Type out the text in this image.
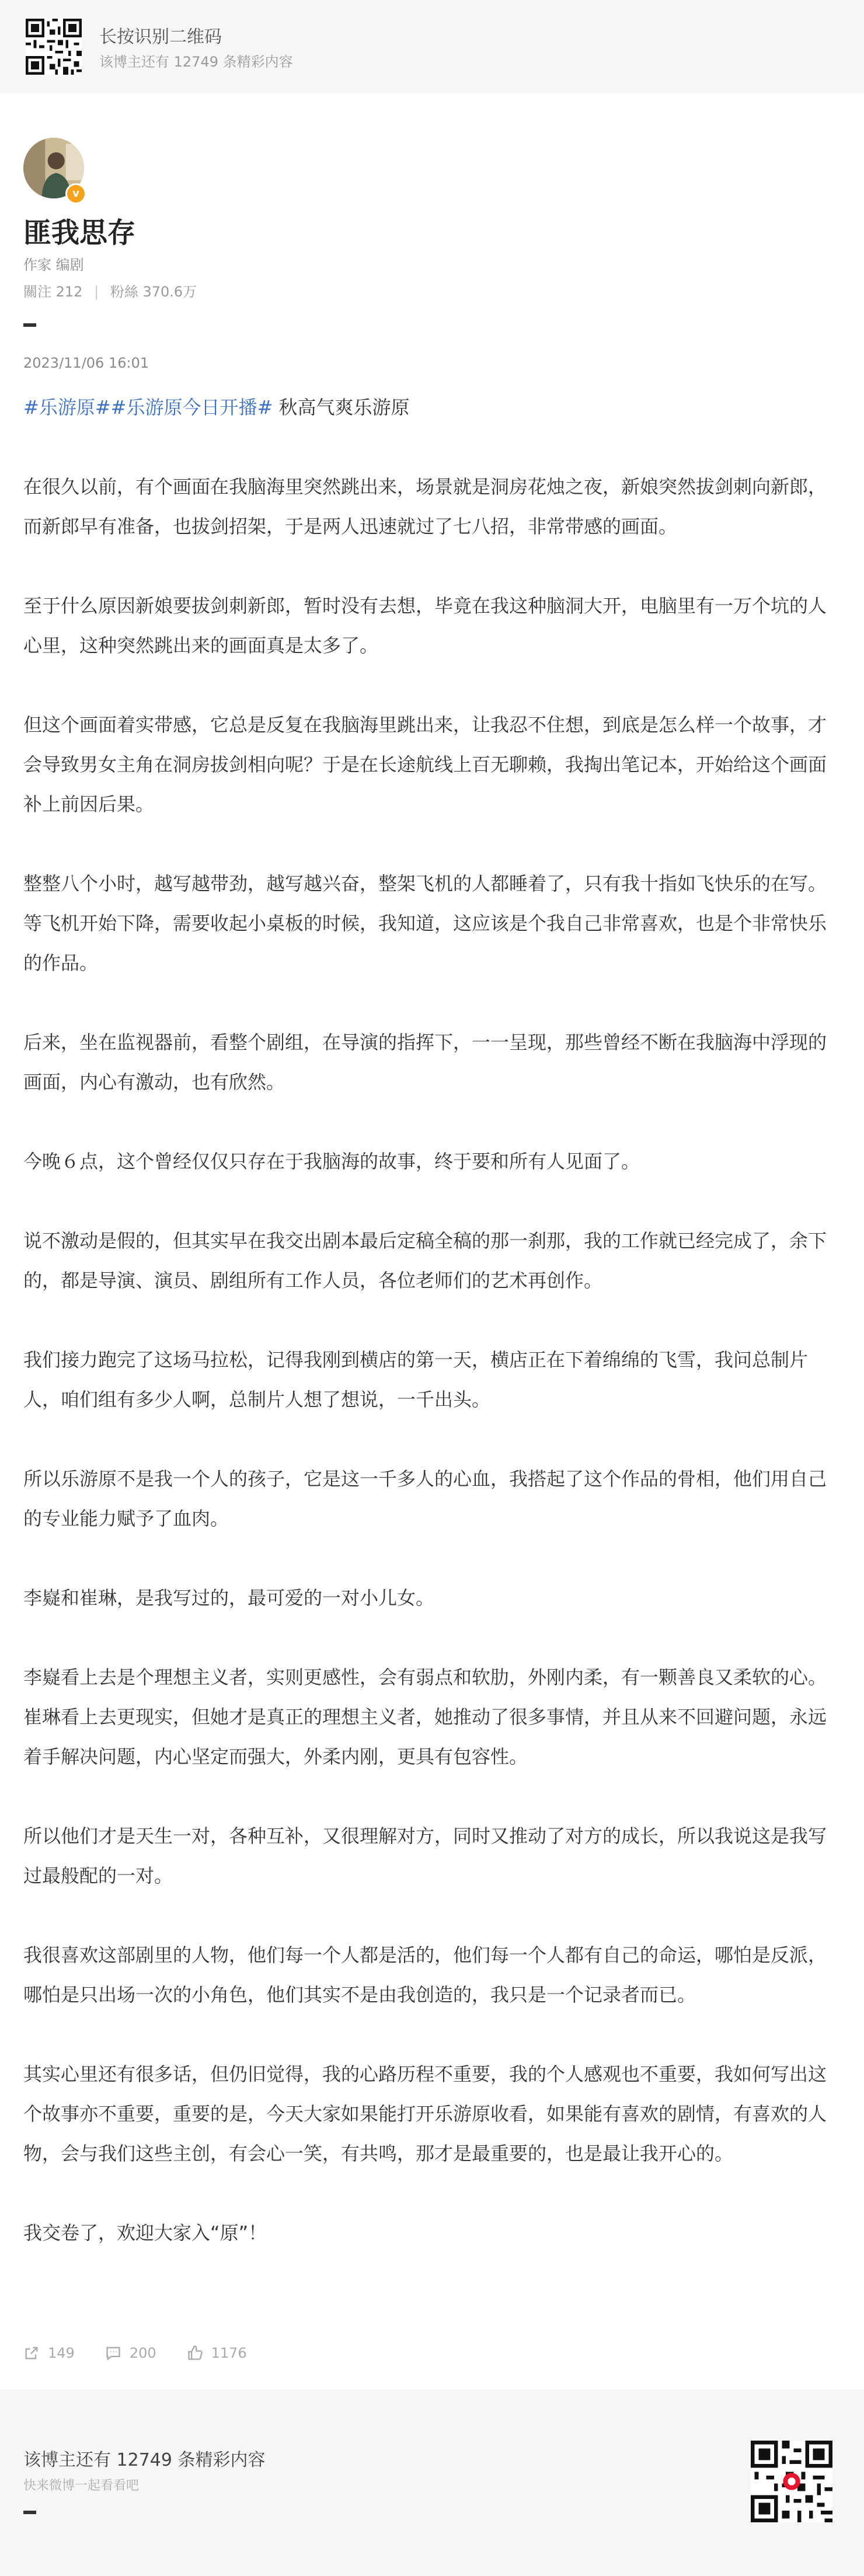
长按识别二维码
该博主还有 12749 条精彩内容
v
匪我思存
作家 编剧
關注 212 | 粉絲 370.6万
2023/11/06 16:01

#乐游原##乐游原今日开播# 秋高气爽乐游原

在很久以前，有个画面在我脑海里突然跳出来，场景就是洞房花烛之夜，新娘突然拔剑刺向新郎，而新郎早有准备，也拔剑招架，于是两人迅速就过了七八招，非常带感的画面。

至于什么原因新娘要拔剑刺新郎，暂时没有去想，毕竟在我这种脑洞大开，电脑里有一万个坑的人心里，这种突然跳出来的画面真是太多了。

但这个画面着实带感，它总是反复在我脑海里跳出来，让我忍不住想，到底是怎么样一个故事，才会导致男女主角在洞房拔剑相向呢？于是在长途航线上百无聊赖，我掏出笔记本，开始给这个画面补上前因后果。

整整八个小时，越写越带劲，越写越兴奋，整架飞机的人都睡着了，只有我十指如飞快乐的在写。等飞机开始下降，需要收起小桌板的时候，我知道，这应该是个我自己非常喜欢，也是个非常快乐的作品。

后来，坐在监视器前，看整个剧组，在导演的指挥下，一一呈现，那些曾经不断在我脑海中浮现的画面，内心有激动，也有欣然。

今晚６点，这个曾经仅仅只存在于我脑海的故事，终于要和所有人见面了。

说不激动是假的，但其实早在我交出剧本最后定稿全稿的那一刹那，我的工作就已经完成了，余下的，都是导演、演员、剧组所有工作人员，各位老师们的艺术再创作。

我们接力跑完了这场马拉松，记得我刚到横店的第一天，横店正在下着绵绵的飞雪，我问总制片人，咱们组有多少人啊，总制片人想了想说，一千出头。

所以乐游原不是我一个人的孩子，它是这一千多人的心血，我搭起了这个作品的骨相，他们用自己的专业能力赋予了血肉。

李嶷和崔琳，是我写过的，最可爱的一对小儿女。

李嶷看上去是个理想主义者，实则更感性，会有弱点和软肋，外刚内柔，有一颗善良又柔软的心。崔琳看上去更现实，但她才是真正的理想主义者，她推动了很多事情，并且从来不回避问题，永远着手解决问题，内心坚定而强大，外柔内刚，更具有包容性。

所以他们才是天生一对，各种互补，又很理解对方，同时又推动了对方的成长，所以我说这是我写过最般配的一对。

我很喜欢这部剧里的人物，他们每一个人都是活的，他们每一个人都有自己的命运，哪怕是反派，哪怕是只出场一次的小角色，他们其实不是由我创造的，我只是一个记录者而已。

其实心里还有很多话，但仍旧觉得，我的心路历程不重要，我的个人感观也不重要，我如何写出这个故事亦不重要，重要的是，今天大家如果能打开乐游原收看，如果能有喜欢的剧情，有喜欢的人物，会与我们这些主创，有会心一笑，有共鸣，那才是最重要的，也是最让我开心的。

我交卷了，欢迎大家入“原”！

149	200	1176
该博主还有 12749 条精彩内容
快来微博一起看看吧
